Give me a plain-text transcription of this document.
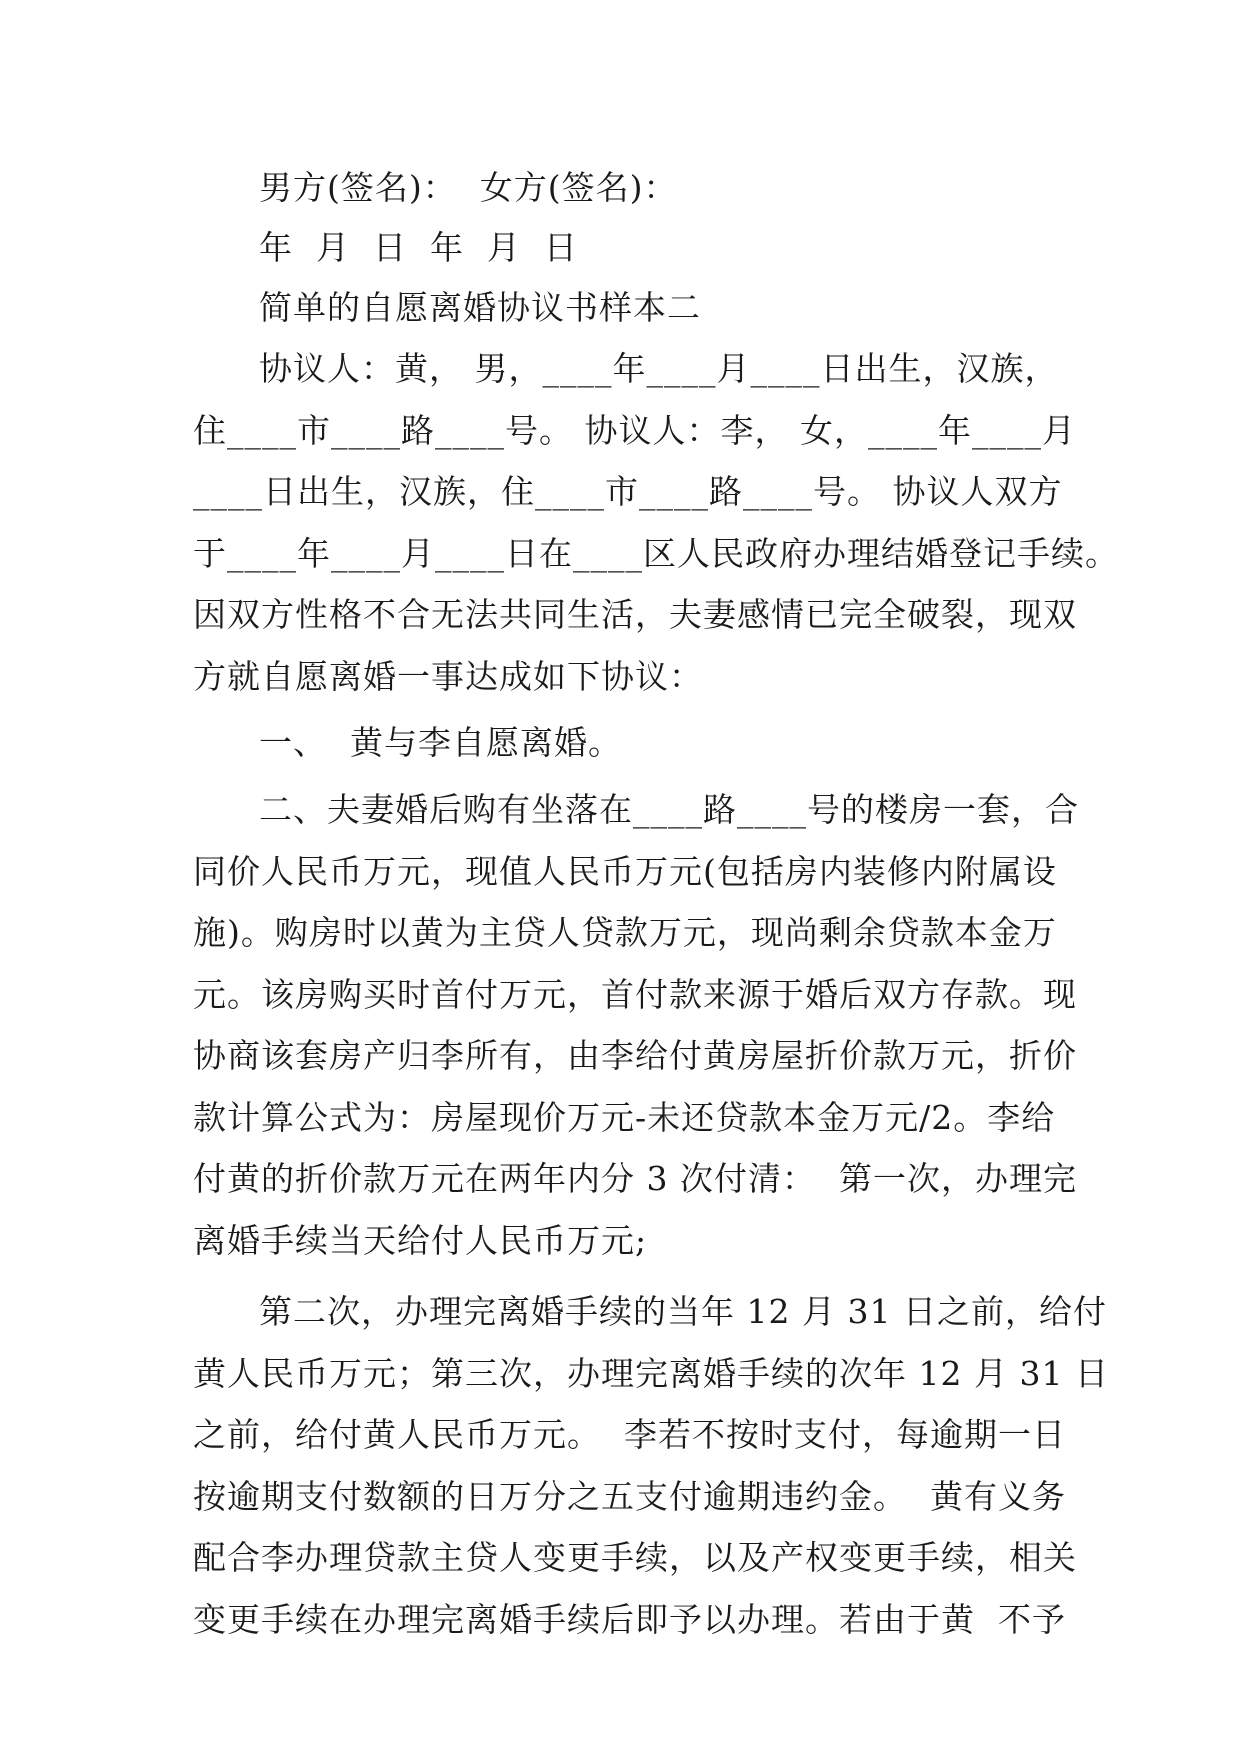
男方(签名)：  女方(签名)：
年  月  日  年  月  日
简单的自愿离婚协议书样本二
协议人：黄， 男，____年____月____日出生，汉族，
住____市____路____号。 协议人：李， 女，____年____月
____日出生，汉族，住____市____路____号。 协议人双方
于____年____月____日在____区人民政府办理结婚登记手续。
因双方性格不合无法共同生活，夫妻感情已完全破裂，现双
方就自愿离婚一事达成如下协议：
一、  黄与李自愿离婚。
二、夫妻婚后购有坐落在____路____号的楼房一套，合
同价人民币万元，现值人民币万元(包括房内装修内附属设
施)。购房时以黄为主贷人贷款万元，现尚剩余贷款本金万
元。该房购买时首付万元，首付款来源于婚后双方存款。现
协商该套房产归李所有，由李给付黄房屋折价款万元，折价
款计算公式为：房屋现价万元-未还贷款本金万元/2。李给
付黄的折价款万元在两年内分 3 次付清：  第一次，办理完
离婚手续当天给付人民币万元;
第二次，办理完离婚手续的当年 12 月 31 日之前，给付
黄人民币万元；第三次，办理完离婚手续的次年 12 月 31 日
之前，给付黄人民币万元。  李若不按时支付，每逾期一日
按逾期支付数额的日万分之五支付逾期违约金。  黄有义务
配合李办理贷款主贷人变更手续，以及产权变更手续，相关
变更手续在办理完离婚手续后即予以办理。若由于黄  不予
